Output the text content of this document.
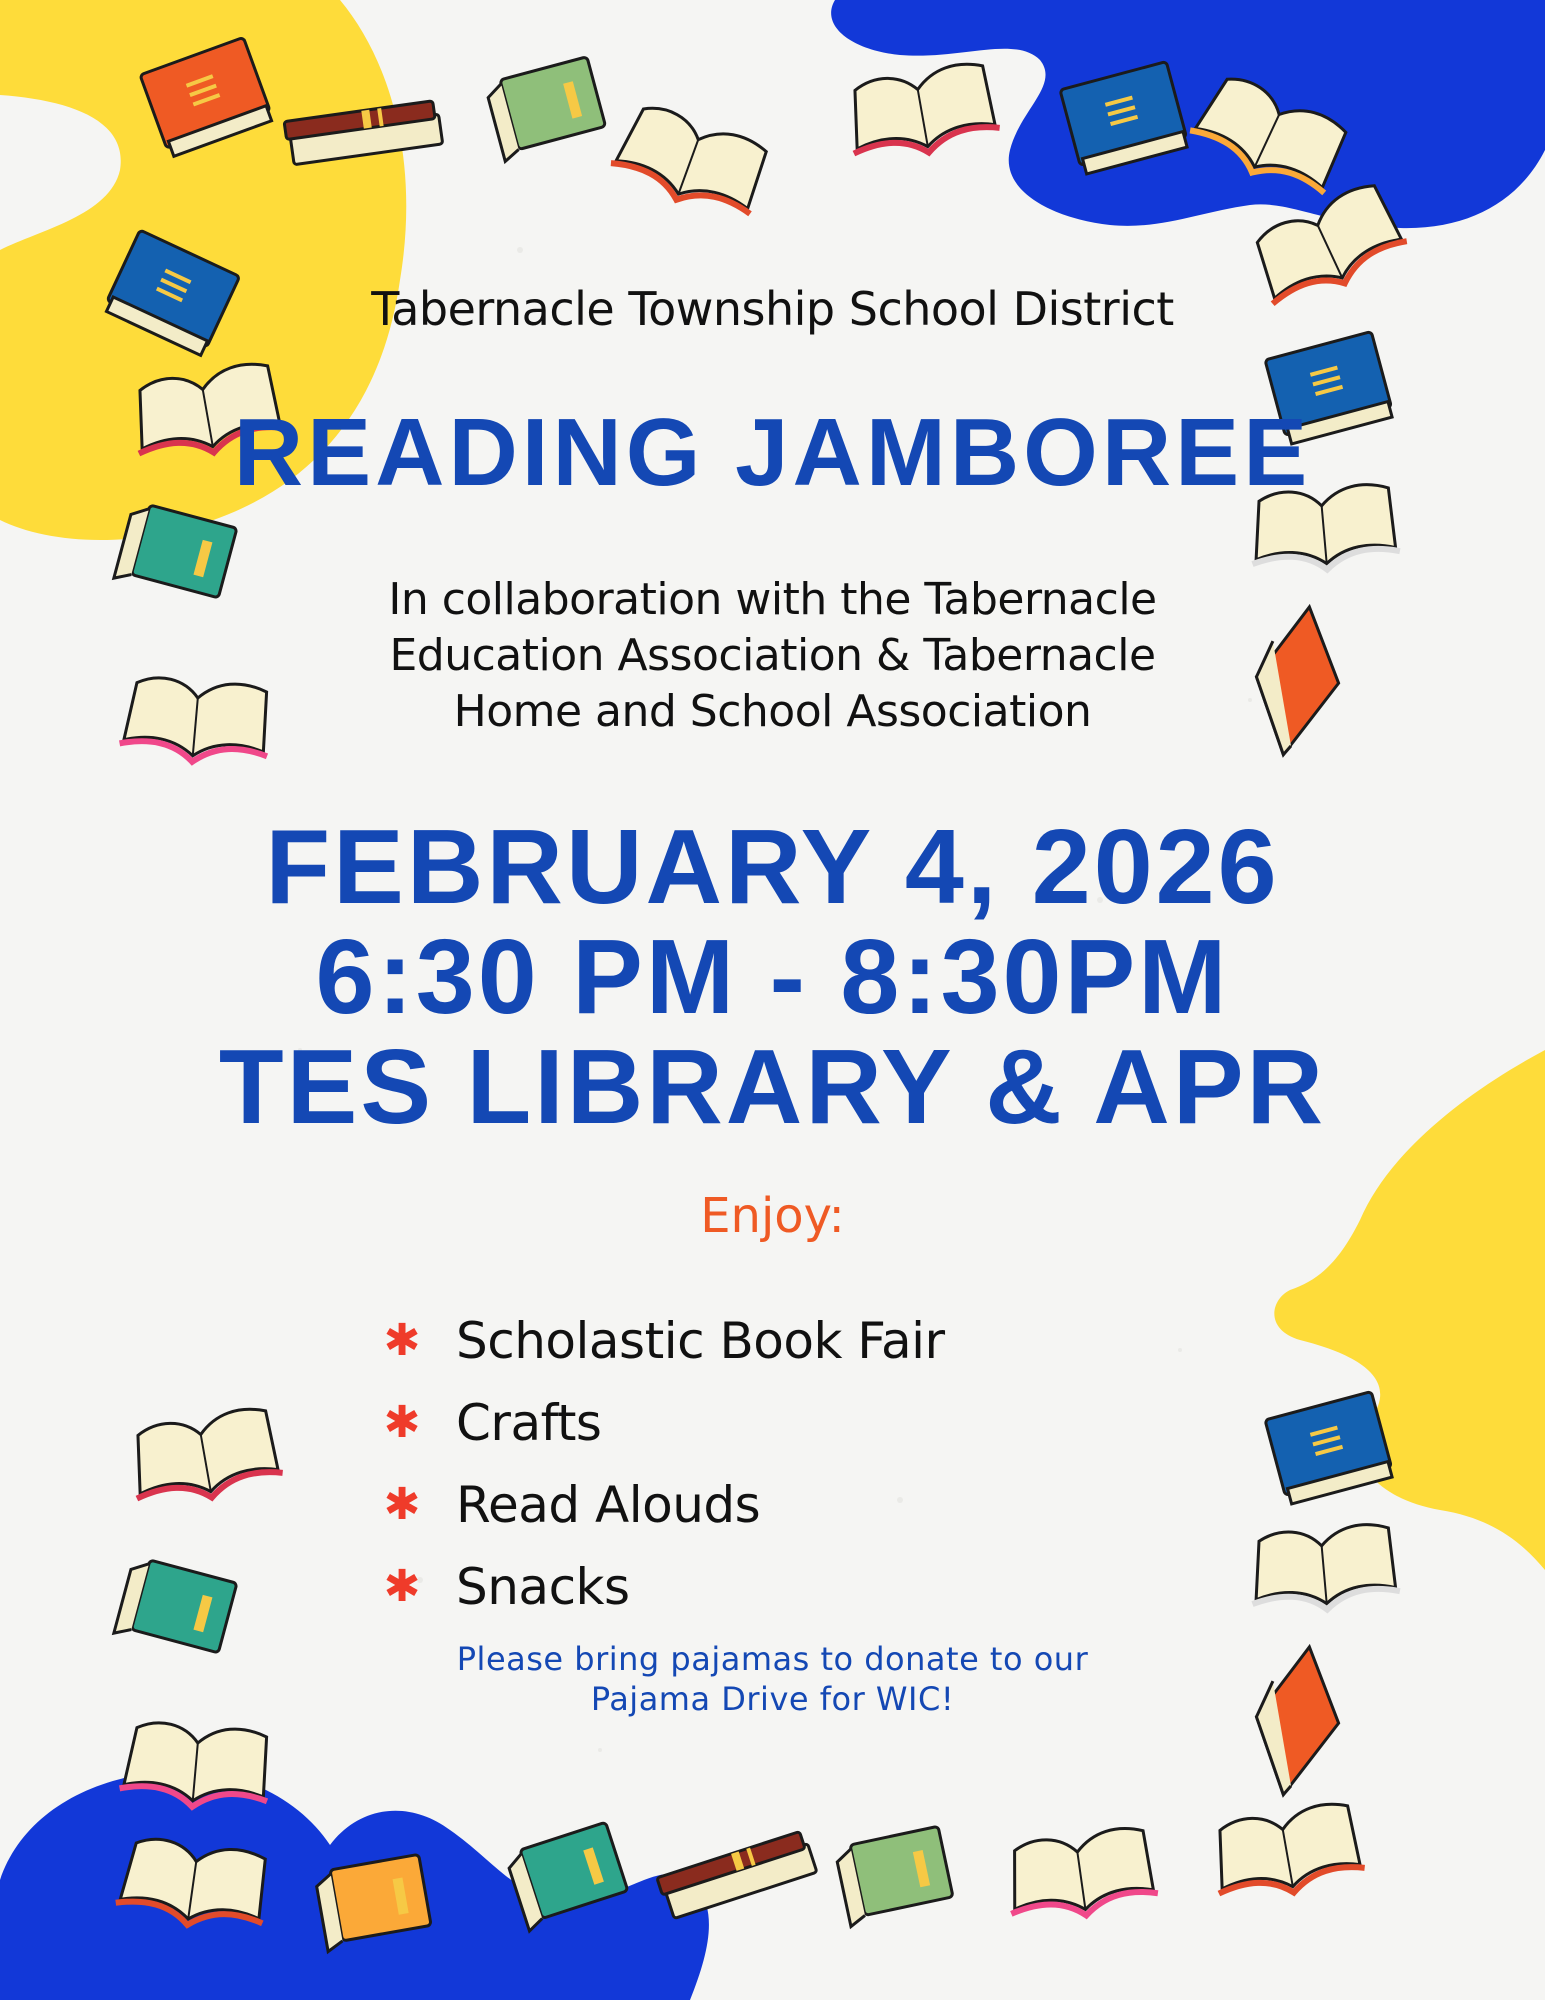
Tabernacle Township School District
READING JAMBOREE
In collaboration with the Tabernacle
Education Association & Tabernacle
Home and School Association
FEBRUARY 4, 2026
6:30 PM - 8:30PM
TES LIBRARY & APR
Enjoy:
✱ Scholastic Book Fair
✱ Crafts
✱ Read Alouds
✱ Snacks
Please bring pajamas to donate to our
Pajama Drive for WIC!
